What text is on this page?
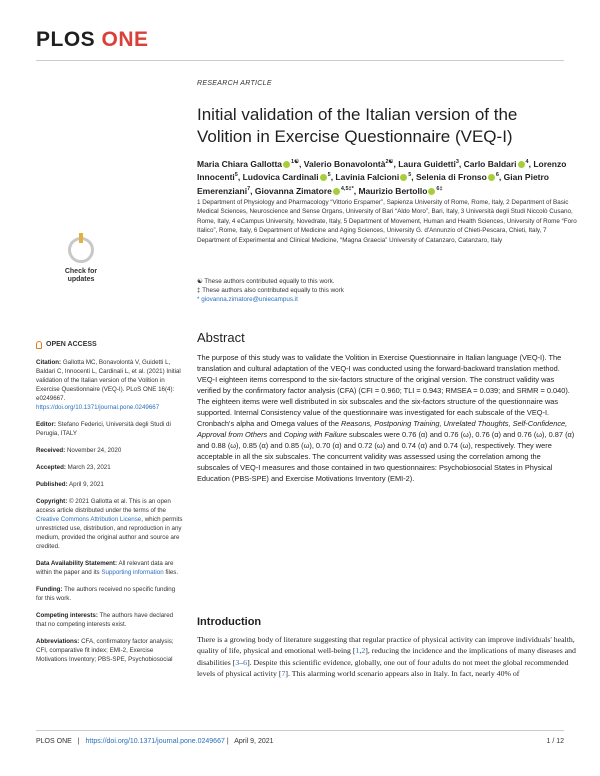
PLOS ONE
RESEARCH ARTICLE
Initial validation of the Italian version of the Volition in Exercise Questionnaire (VEQ-I)
Maria Chiara Gallotta $^{1☯}$, Valerio Bonavolontà$^{2☯}$, Laura Guidetti$^3$, Carlo Baldari $^4$, Lorenzo Innocenti$^5$, Ludovica Cardinali $^5$, Lavinia Falcioni $^5$, Selenia di Fronso $^6$, Gian Pietro Emerenziani$^7$, Giovanna Zimatore $^{4,5\ddagger*}$, Maurizio Bertollo $^{6\ddagger}$
1 Department of Physiology and Pharmacology “Vittorio Erspamer”, Sapienza University of Rome, Rome, Italy, 2 Department of Basic Medical Sciences, Neuroscience and Sense Organs, University of Bari “Aldo Moro”, Bari, Italy, 3 Università degli Studi Niccolò Cusano, Rome, Italy, 4 eCampus University, Novedrate, Italy, 5 Department of Movement, Human and Health Sciences, University of Rome “Foro Italico”, Rome, Italy, 6 Department of Medicine and Aging Sciences, University G. d'Annunzio of Chieti-Pescara, Chieti, Italy, 7 Department of Experimental and Clinical Medicine, “Magna Graecia” University of Catanzaro, Catanzaro, Italy
☯ These authors contributed equally to this work.
‡ These authors also contributed equally to this work
* giovanna.zimatore@uniecampus.it
Check for updates
OPEN ACCESS

Citation: Gallotta MC, Bonavolontà V, Guidetti L, Baldari C, Innocenti L, Cardinali L, et al. (2021) Initial validation of the Italian version of the Volition in Exercise Questionnaire (VEQ-I). PLoS ONE 16(4): e0249667. https://doi.org/10.1371/journal.pone.0249667

Editor: Stefano Federici, Università degli Studi di Perugia, ITALY

Received: November 24, 2020

Accepted: March 23, 2021

Published: April 9, 2021

Copyright: © 2021 Gallotta et al. This is an open access article distributed under the terms of the Creative Commons Attribution License, which permits unrestricted use, distribution, and reproduction in any medium, provided the original author and source are credited.

Data Availability Statement: All relevant data are within the paper and its Supporting information files.

Funding: The authors received no specific funding for this work.

Competing interests: The authors have declared that no competing interests exist.

Abbreviations: CFA, confirmatory factor analysis; CFI, comparative fit index; EMI-2, Exercise Motivations Inventory; PBS-SPE, Psychobiosocial

Abstract
The purpose of this study was to validate the Volition in Exercise Questionnaire in Italian language (VEQ-I). The translation and cultural adaptation of the VEQ-I was conducted using the forward-backward translation method. VEQ-I eighteen items correspond to the six-factors structure of the original version. The construct validity was verified by the confirmatory factor analysis (CFA) (CFI = 0.960; TLI = 0.943; RMSEA = 0.039; and SRMR = 0.040). The eighteen items were well distributed in six subscales and the six-factors structure of the questionnaire was supported. Internal Consistency value of the questionnaire was investigated for each subscale of the VEQ-I. Cronbach's alpha and Omega values of the Reasons, Postponing Training, Unrelated Thoughts, Self-Confidence, Approval from Others and Coping with Failure subscales were 0.76 (α) and 0.76 (ω), 0.76 (α) and 0.76 (ω), 0.87 (α) and 0.88 (ω), 0.85 (α) and 0.85 (ω), 0.70 (α) and 0.72 (ω) and 0.74 (α) and 0.74 (ω), respectively. They were acceptable in all the six subscales. The concurrent validity was assessed using the correlation among the subscales of VEQ-I measures and those contained in two questionnaires: Psychobiosocial States in Physical Education (PBS-SPE) and Exercise Motivations Inventory (EMI-2).
Introduction
There is a growing body of literature suggesting that regular practice of physical activity can improve individuals' health, quality of life, physical and emotional well-being [1,2], reducing the incidence and the implications of many diseases and disabilities [3–6]. Despite this scientific evidence, globally, one out of four adults do not meet the global recommended levels of physical activity [7]. This alarming world scenario appears also in Italy. In fact, nearly 40% of
PLOS ONE | https://doi.org/10.1371/journal.pone.0249667 | April 9, 2021	1 / 12
